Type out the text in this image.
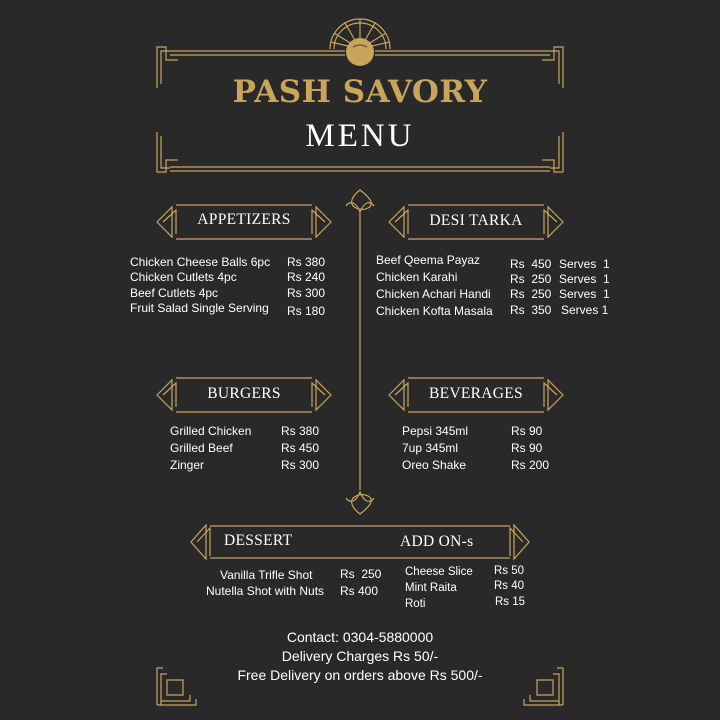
PASH SAVORY
MENU
APPETIZERS	DESI TARKA
BURGERS	BEVERAGES
DESSERT	ADD ON-s
Chicken Cheese Balls 6pc Rs 380
Chicken Cutlets 4pc	Rs 240
Beef Cutlets 4pc	Rs 300
Fruit Salad Single Serving Rs 180
Beef Qeema Payaz Rs  450 Serves  1
Chicken Karahi	Rs  250 Serves  1
Chicken Achari Handi Rs  250 Serves  1
Chicken Kofta Masala Rs  350 Serves 1
Grilled Chicken Rs 380
Grilled Beef	Rs 450
Zinger	Rs 300
Pepsi 345ml	Rs 90
7up 345ml	Rs 90
Oreo Shake	Rs 200
Vanilla Trifle Shot Rs  250
Nutella Shot with Nuts Rs 400
Cheese Slice Rs 50
Mint Raita	Rs 40
Roti	Rs 15
Contact: 0304-5880000
Delivery Charges Rs 50/-
Free Delivery on orders above Rs 500/-
